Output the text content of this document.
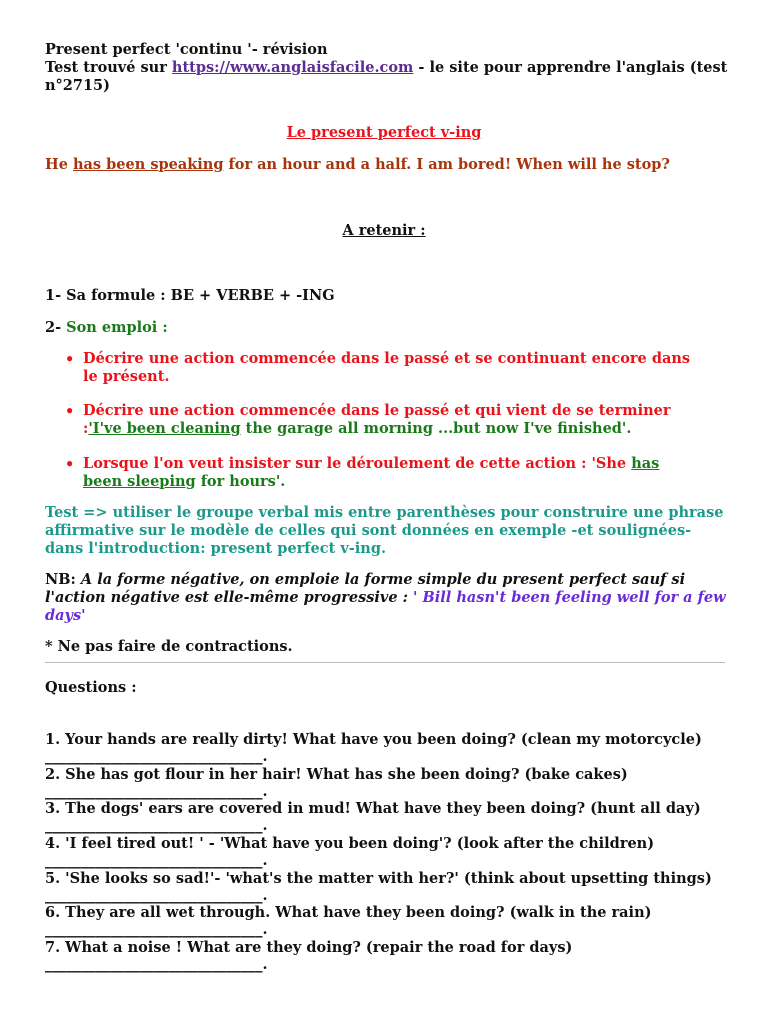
Present perfect 'continu '- révision
Test trouvé sur https://www.anglaisfacile.com - le site pour apprendre l'anglais (test n°2715)
Le present perfect v-ing
He has been speaking for an hour and a half. I am bored! When will he stop?
A retenir :
1- Sa formule : BE + VERBE + -ING
2- Son emploi :
•
Décrire une action commencée dans le passé et se continuant encore dans le présent.
•
Décrire une action commencée dans le passé et qui vient de se terminer :'I've been cleaning the garage all morning ...but now I've finished'.
•
Lorsque l'on veut insister sur le déroulement de cette action : 'She has been sleeping for hours'.
Test => utiliser le groupe verbal mis entre parenthèses pour construire une phrase affirmative sur le modèle de celles qui sont données en exemple -et soulignées- dans l'introduction: present perfect v-ing.
NB: A la forme négative, on emploie la forme simple du present perfect sauf si l'action négative est elle-même progressive : ' Bill hasn't been feeling well for a few days'
* Ne pas faire de contractions.
Questions :
1. Your hands are really dirty! What have you been doing? (clean my motorcycle)
______________________________.
2. She has got flour in her hair! What has she been doing? (bake cakes)
______________________________.
3. The dogs' ears are covered in mud! What have they been doing? (hunt all day)
______________________________.
4. 'I feel tired out! ' - 'What have you been doing'? (look after the children)
______________________________.
5. 'She looks so sad!'- 'what's the matter with her?' (think about upsetting things)
______________________________.
6. They are all wet through. What have they been doing? (walk in the rain)
______________________________.
7. What a noise ! What are they doing? (repair the road for days)
______________________________.
